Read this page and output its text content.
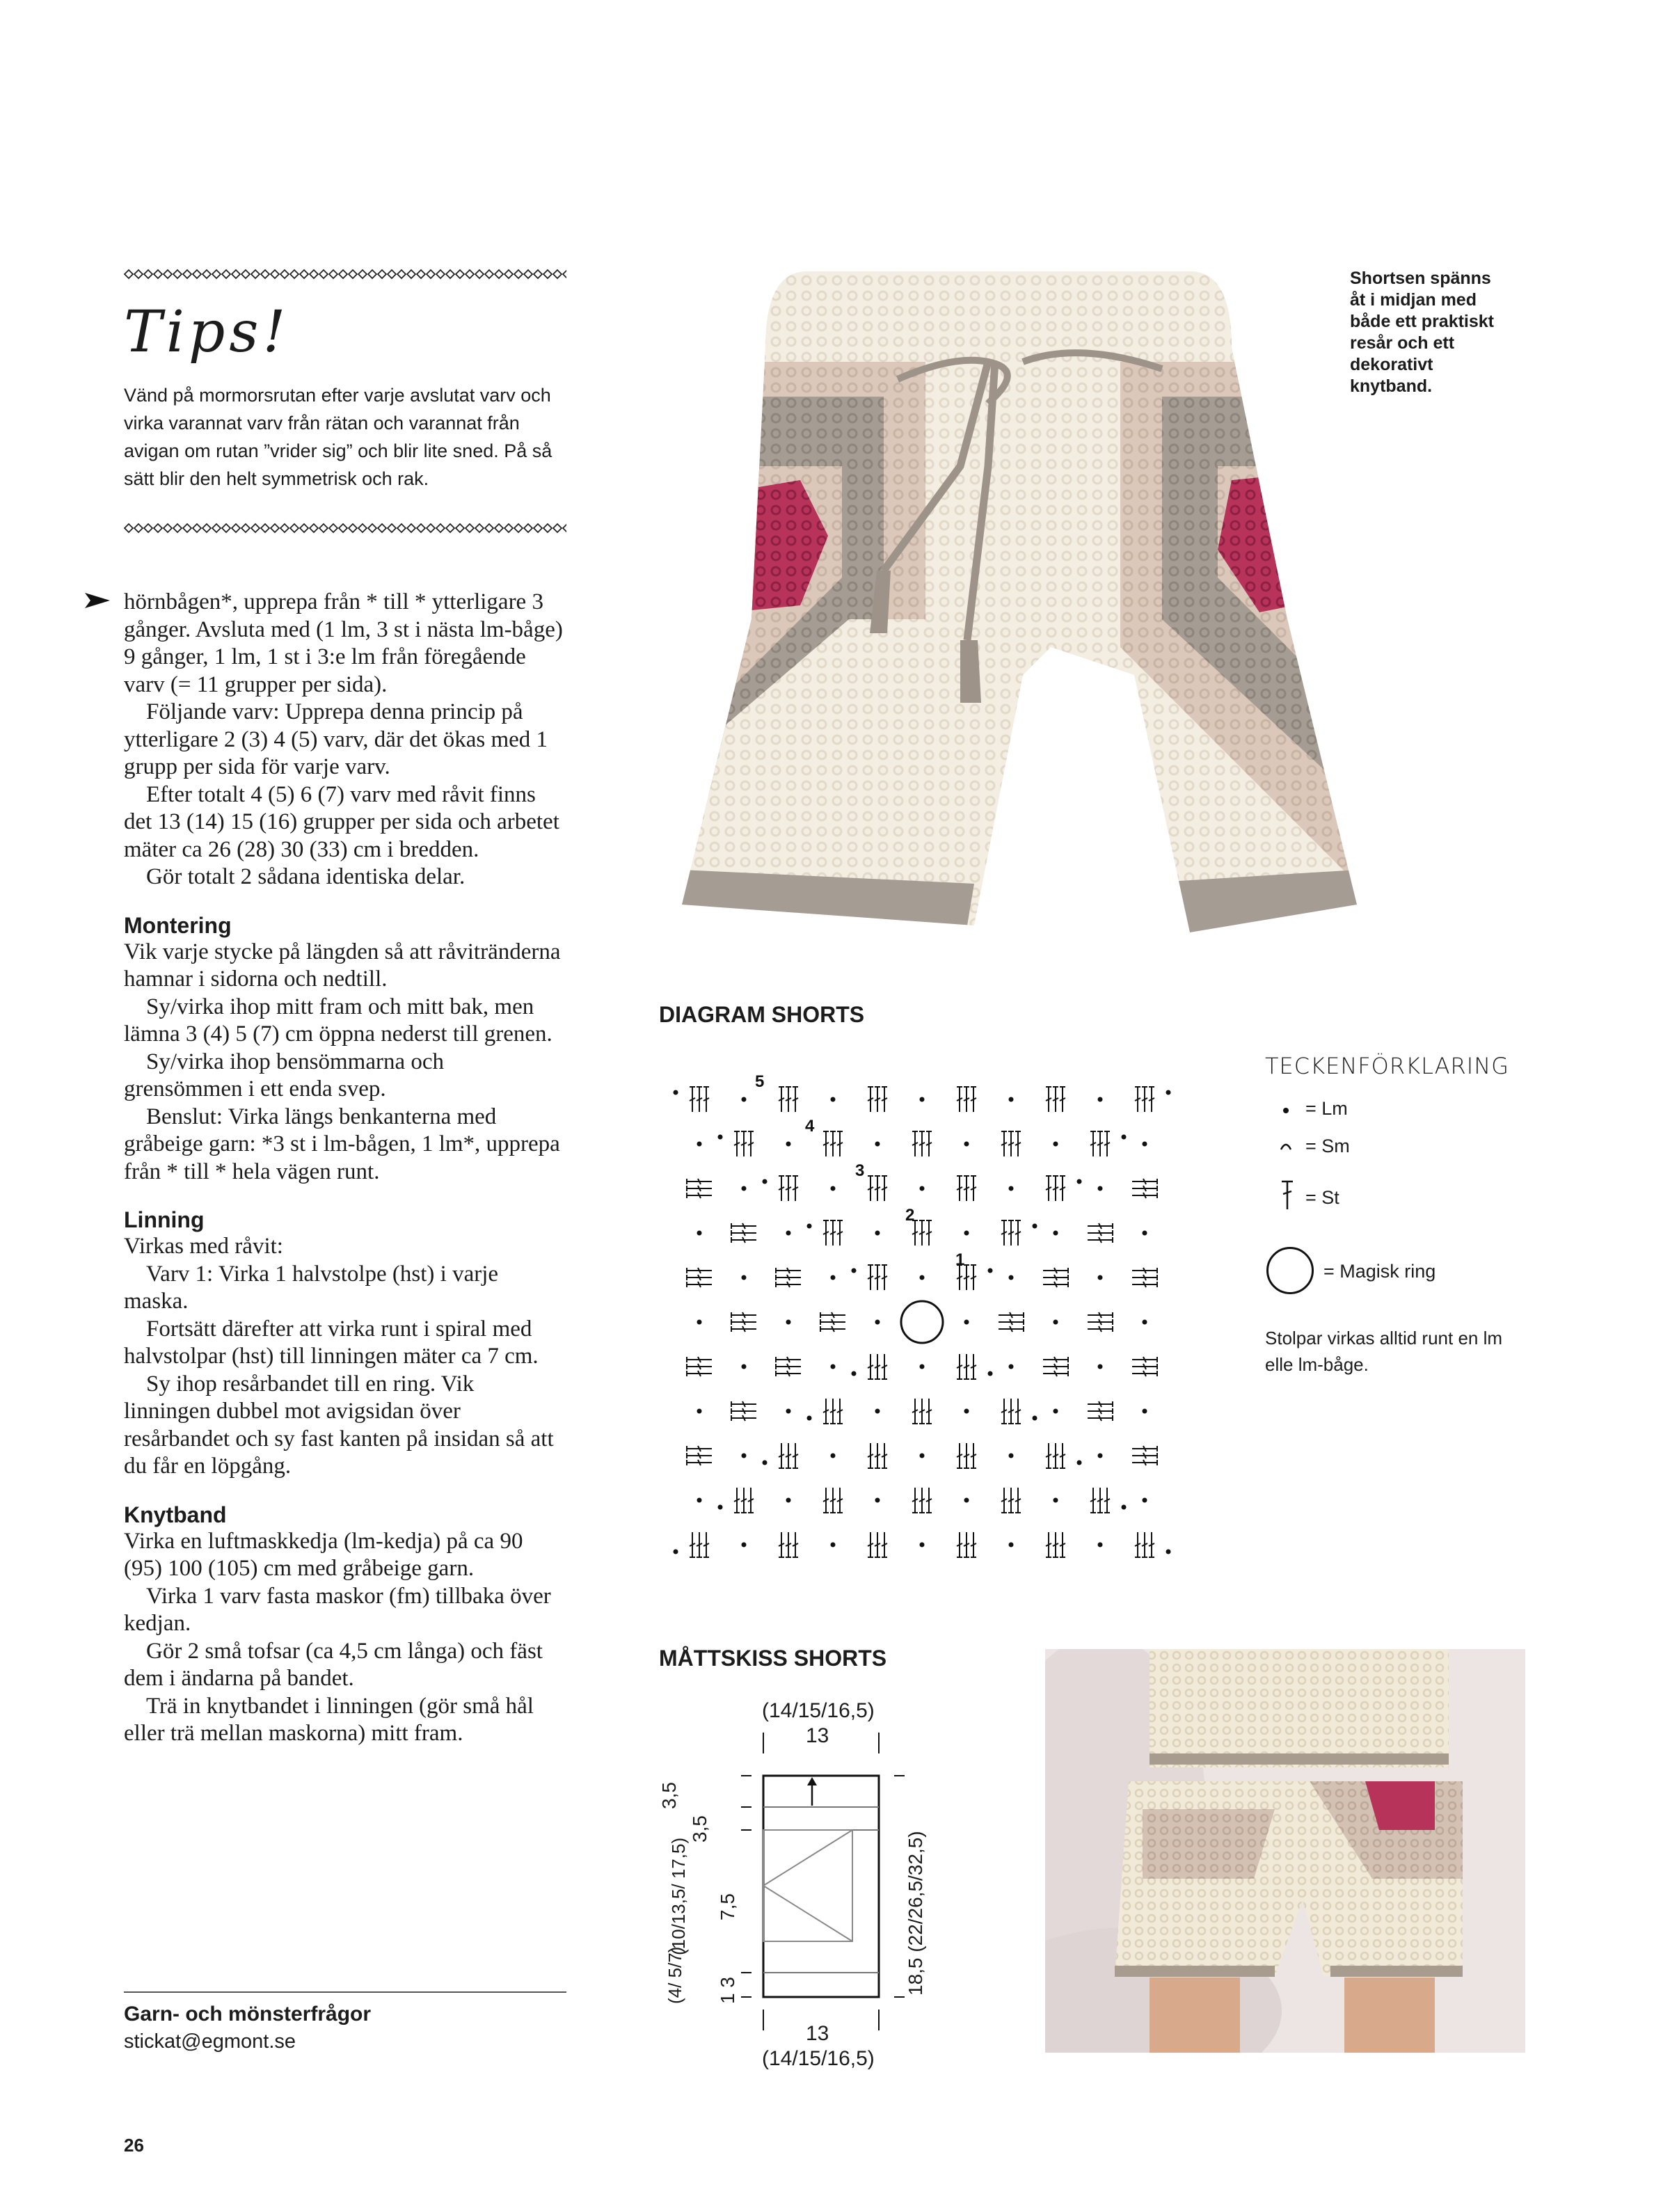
Tips!
Vänd på mormorsrutan efter varje avslutat varv och virka varannat varv från rätan och varannat från avigan om rutan ”vrider sig” och blir lite sned. På så sätt blir den helt symmetrisk och rak.

hörnbågen*, upprepa från * till * ytterligare 3 gånger. Avsluta med (1 lm, 3 st i nästa lm-båge) 9 gånger, 1 lm, 1 st i 3:e lm från föregående varv (= 11 grupper per sida).

Följande varv: Upprepa denna princip på ytterligare 2 (3) 4 (5) varv, där det ökas med 1 grupp per sida för varje varv.

Efter totalt 4 (5) 6 (7) varv med råvit finns det 13 (14) 15 (16) grupper per sida och arbetet mäter ca 26 (28) 30 (33) cm i bredden.

Gör totalt 2 sådana identiska delar.

Montering

Vik varje stycke på längden så att råvitränderna hamnar i sidorna och nedtill.

Sy/virka ihop mitt fram och mitt bak, men lämna 3 (4) 5 (7) cm öppna nederst till grenen.

Sy/virka ihop bensömmarna och grensömmen i ett enda svep.

Benslut: Virka längs benkanterna med gråbeige garn: *3 st i lm-bågen, 1 lm*, upprepa från * till * hela vägen runt.

Linning

Virkas med råvit:

Varv 1: Virka 1 halvstolpe (hst) i varje maska.

Fortsätt därefter att virka runt i spiral med halvstolpar (hst) till linningen mäter ca 7 cm.

Sy ihop resårbandet till en ring. Vik linningen dubbel mot avigsidan över resårbandet och sy fast kanten på insidan så att du får en löpgång.

Knytband

Virka en luftmaskkedja (lm-kedja) på ca 90 (95) 100 (105) cm med gråbeige garn.

Virka 1 varv fasta maskor (fm) tillbaka över kedjan.

Gör 2 små tofsar (ca 4,5 cm långa) och fäst dem i ändarna på bandet.

Trä in knytbandet i linningen (gör små hål eller trä mellan maskorna) mitt fram.

Garn- och mönsterfrågor
stickat@egmont.se
26
Shortsen spänns åt i midjan med både ett praktiskt resår och ett dekorativt knytband.
DIAGRAM SHORTS
5
4
3
2
1
TECKENFÖRKLARING
= Lm
= Sm
= St
= Magisk ring
Stolpar virkas alltid runt en lm elle lm-båge.
MÅTTSKISS SHORTS
(14/15/16,5)
13
13
(14/15/16,5)
3,5
3,5
(10/13,5/ 17,5) 7,5
(4/ 5/7) 1 3	18,5 (22/26,5/32,5)
